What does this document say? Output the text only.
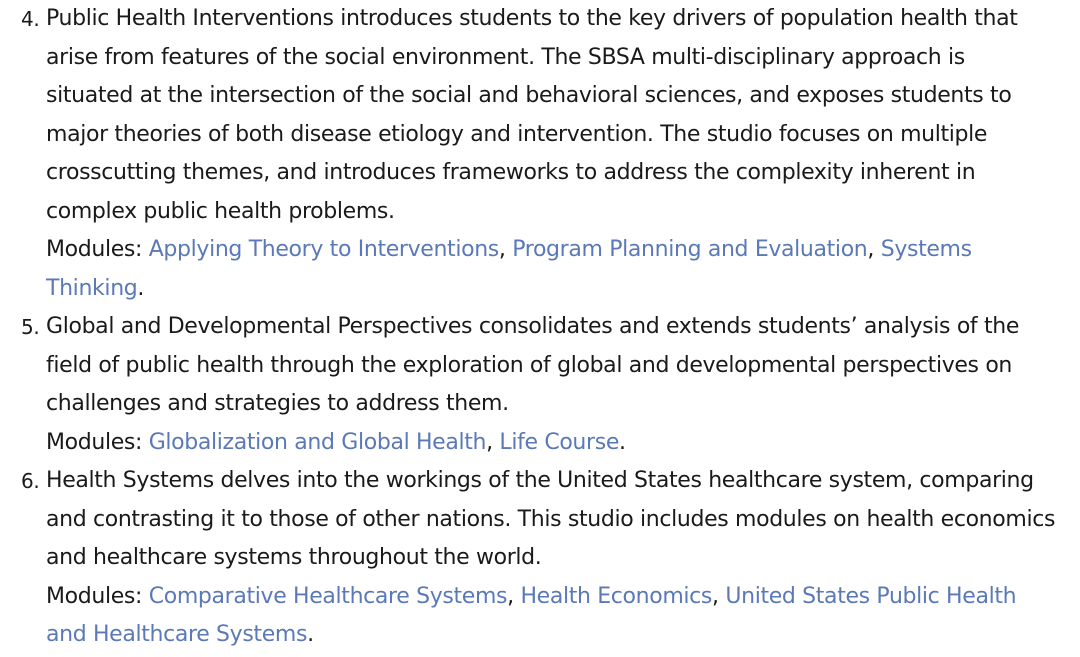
4. Public Health Interventions introduces students to the key drivers of population health that arise from features of the social environment. The SBSA multi-disciplinary approach is situated at the intersection of the social and behavioral sciences, and exposes students to major theories of both disease etiology and intervention. The studio focuses on multiple crosscutting themes, and introduces frameworks to address the complexity inherent in complex public health problems.
Modules: Applying Theory to Interventions, Program Planning and Evaluation, Systems Thinking.
5. Global and Developmental Perspectives consolidates and extends students’ analysis of the field of public health through the exploration of global and developmental perspectives on challenges and strategies to address them.
Modules: Globalization and Global Health, Life Course.
6. Health Systems delves into the workings of the United States healthcare system, comparing and contrasting it to those of other nations. This studio includes modules on health economics and healthcare systems throughout the world.
Modules: Comparative Healthcare Systems, Health Economics, United States Public Health and Healthcare Systems.
